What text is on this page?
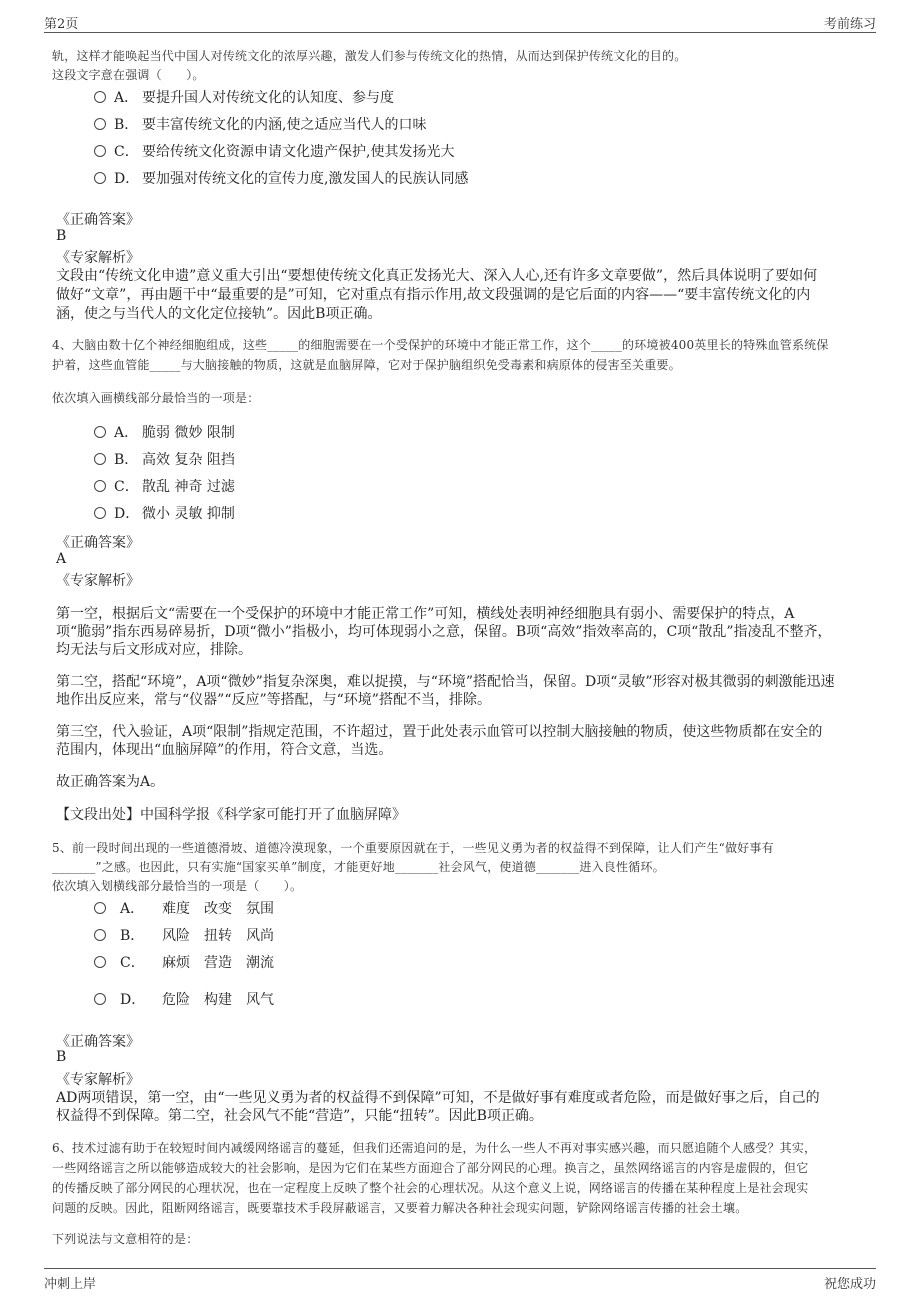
第2页	考前练习
轨，这样才能唤起当代中国人对传统文化的浓厚兴趣，激发人们参与传统文化的热情，从而达到保护传统文化的目的。
这段文字意在强调（　　）。
A． 要提升国人对传统文化的认知度、参与度
B． 要丰富传统文化的内涵,使之适应当代人的口味
C． 要给传统文化资源申请文化遗产保护,使其发扬光大
D． 要加强对传统文化的宣传力度,激发国人的民族认同感
《正确答案》
B
《专家解析》
文段由“传统文化申遗”意义重大引出“要想使传统文化真正发扬光大、深入人心,还有许多文章要做”，然后具体说明了要如何
做好“文章”，再由题干中“最重要的是”可知，它对重点有指示作用,故文段强调的是它后面的内容——“要丰富传统文化的内
涵，使之与当代人的文化定位接轨”。因此B项正确。
4、大脑由数十亿个神经细胞组成，这些_____的细胞需要在一个受保护的环境中才能正常工作，这个_____的环境被400英里长的特殊血管系统保
护着，这些血管能_____与大脑接触的物质，这就是血脑屏障，它对于保护脑组织免受毒素和病原体的侵害至关重要。
依次填入画横线部分最恰当的一项是：
A． 脆弱 微妙 限制
B． 高效 复杂 阻挡
C． 散乱 神奇 过滤
D． 微小 灵敏 抑制
《正确答案》
A
《专家解析》
第一空，根据后文“需要在一个受保护的环境中才能正常工作”可知，横线处表明神经细胞具有弱小、需要保护的特点，A
项“脆弱”指东西易碎易折，D项“微小”指极小，均可体现弱小之意，保留。B项“高效”指效率高的，C项“散乱”指凌乱不整齐，
均无法与后文形成对应，排除。
第二空，搭配“环境”，A项“微妙”指复杂深奥，难以捉摸，与“环境”搭配恰当，保留。D项“灵敏”形容对极其微弱的刺激能迅速
地作出反应来，常与“仪器”“反应”等搭配，与“环境”搭配不当，排除。
第三空，代入验证，A项“限制”指规定范围，不许超过，置于此处表示血管可以控制大脑接触的物质，使这些物质都在安全的
范围内，体现出“血脑屏障”的作用，符合文意，当选。
故正确答案为A。
【文段出处】中国科学报《科学家可能打开了血脑屏障》
5、前一段时间出现的一些道德滑坡、道德冷漠现象，一个重要原因就在于，一些见义勇为者的权益得不到保障，让人们产生“做好事有
_______”之感。也因此，只有实施“国家买单”制度，才能更好地_______社会风气，使道德_______进入良性循环。
依次填入划横线部分最恰当的一项是（　　）。
A． 难度 改变 氛围
B． 风险 扭转 风尚
C． 麻烦 营造 潮流
D． 危险 构建 风气
《正确答案》
B
《专家解析》
AD两项错误，第一空，由“一些见义勇为者的权益得不到保障”可知，不是做好事有难度或者危险，而是做好事之后，自己的
权益得不到保障。第二空，社会风气不能“营造”，只能“扭转”。因此B项正确。
6、技术过滤有助于在较短时间内减缓网络谣言的蔓延，但我们还需追问的是，为什么一些人不再对事实感兴趣，而只愿追随个人感受？其实，
一些网络谣言之所以能够造成较大的社会影响，是因为它们在某些方面迎合了部分网民的心理。换言之，虽然网络谣言的内容是虚假的，但它
的传播反映了部分网民的心理状况，也在一定程度上反映了整个社会的心理状况。从这个意义上说，网络谣言的传播在某种程度上是社会现实
问题的反映。因此，阻断网络谣言，既要靠技术手段屏蔽谣言，又要着力解决各种社会现实问题，铲除网络谣言传播的社会土壤。
下列说法与文意相符的是：
冲刺上岸	祝您成功
